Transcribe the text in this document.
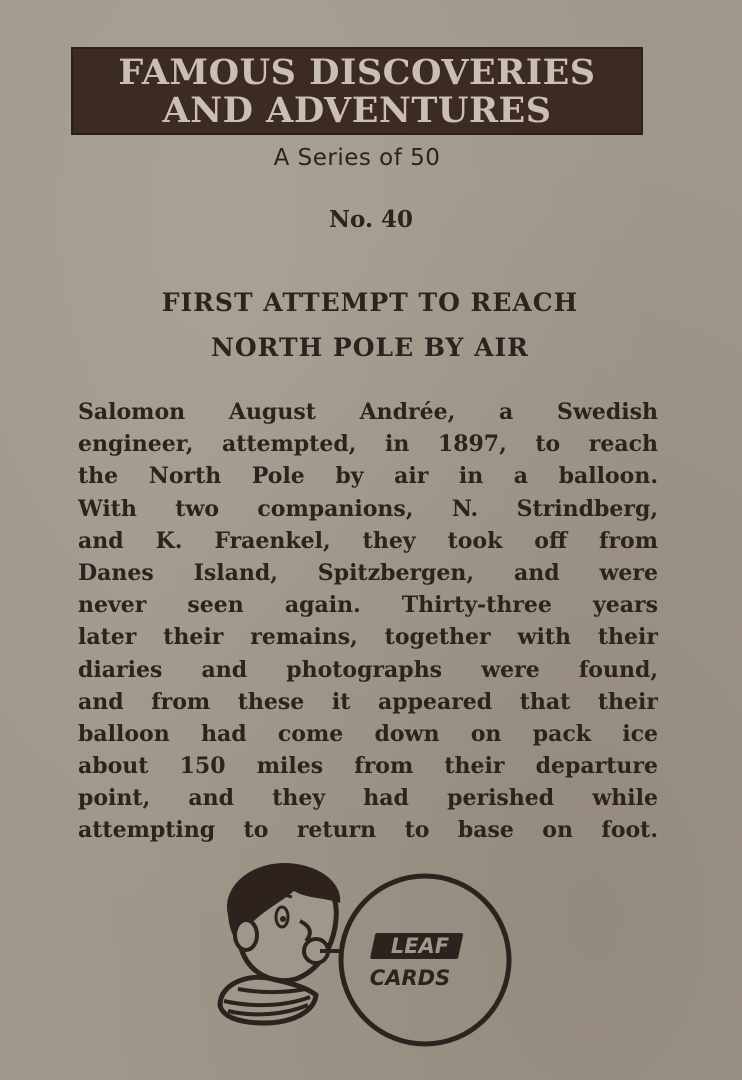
FAMOUS DISCOVERIES
AND ADVENTURES
A Series of 50
No. 40
FIRST ATTEMPT TO REACH
NORTH POLE BY AIR
Salomon August Andrée, a Swedish
engineer, attempted, in 1897, to reach
the North Pole by air in a balloon.
With two companions, N. Strindberg,
and K. Fraenkel, they took off from
Danes Island, Spitzbergen, and were
never seen again. Thirty-three years
later their remains, together with their
diaries and photographs were found,
and from these it appeared that their
balloon had come down on pack ice
about 150 miles from their departure
point, and they had perished while
attempting to return to base on foot.
LEAF
CARDS
